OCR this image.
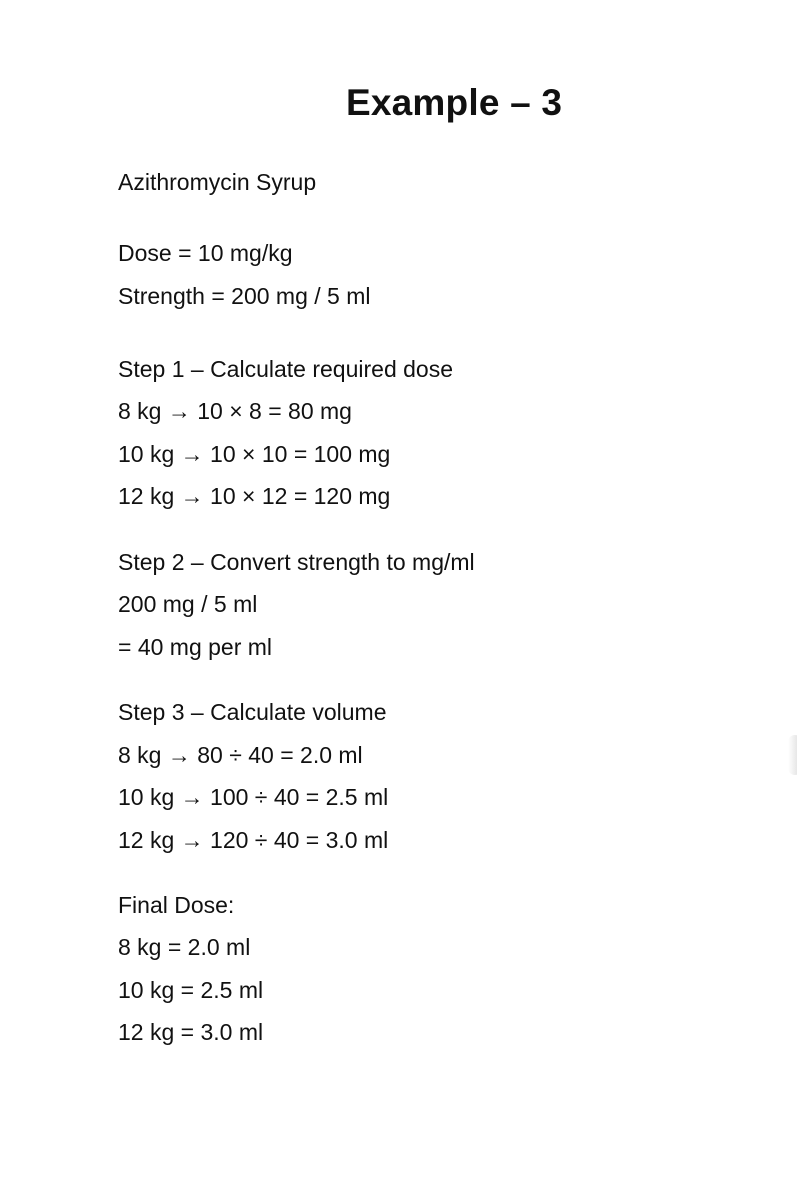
Example – 3
Azithromycin Syrup
Dose = 10 mg/kg
Strength = 200 mg / 5 ml
Step 1 – Calculate required dose
8 kg → 10 × 8 = 80 mg
10 kg → 10 × 10 = 100 mg
12 kg → 10 × 12 = 120 mg
Step 2 – Convert strength to mg/ml
200 mg / 5 ml
= 40 mg per ml
Step 3 – Calculate volume
8 kg → 80 ÷ 40 = 2.0 ml
10 kg → 100 ÷ 40 = 2.5 ml
12 kg → 120 ÷ 40 = 3.0 ml
Final Dose:
8 kg = 2.0 ml
10 kg = 2.5 ml
12 kg = 3.0 ml
